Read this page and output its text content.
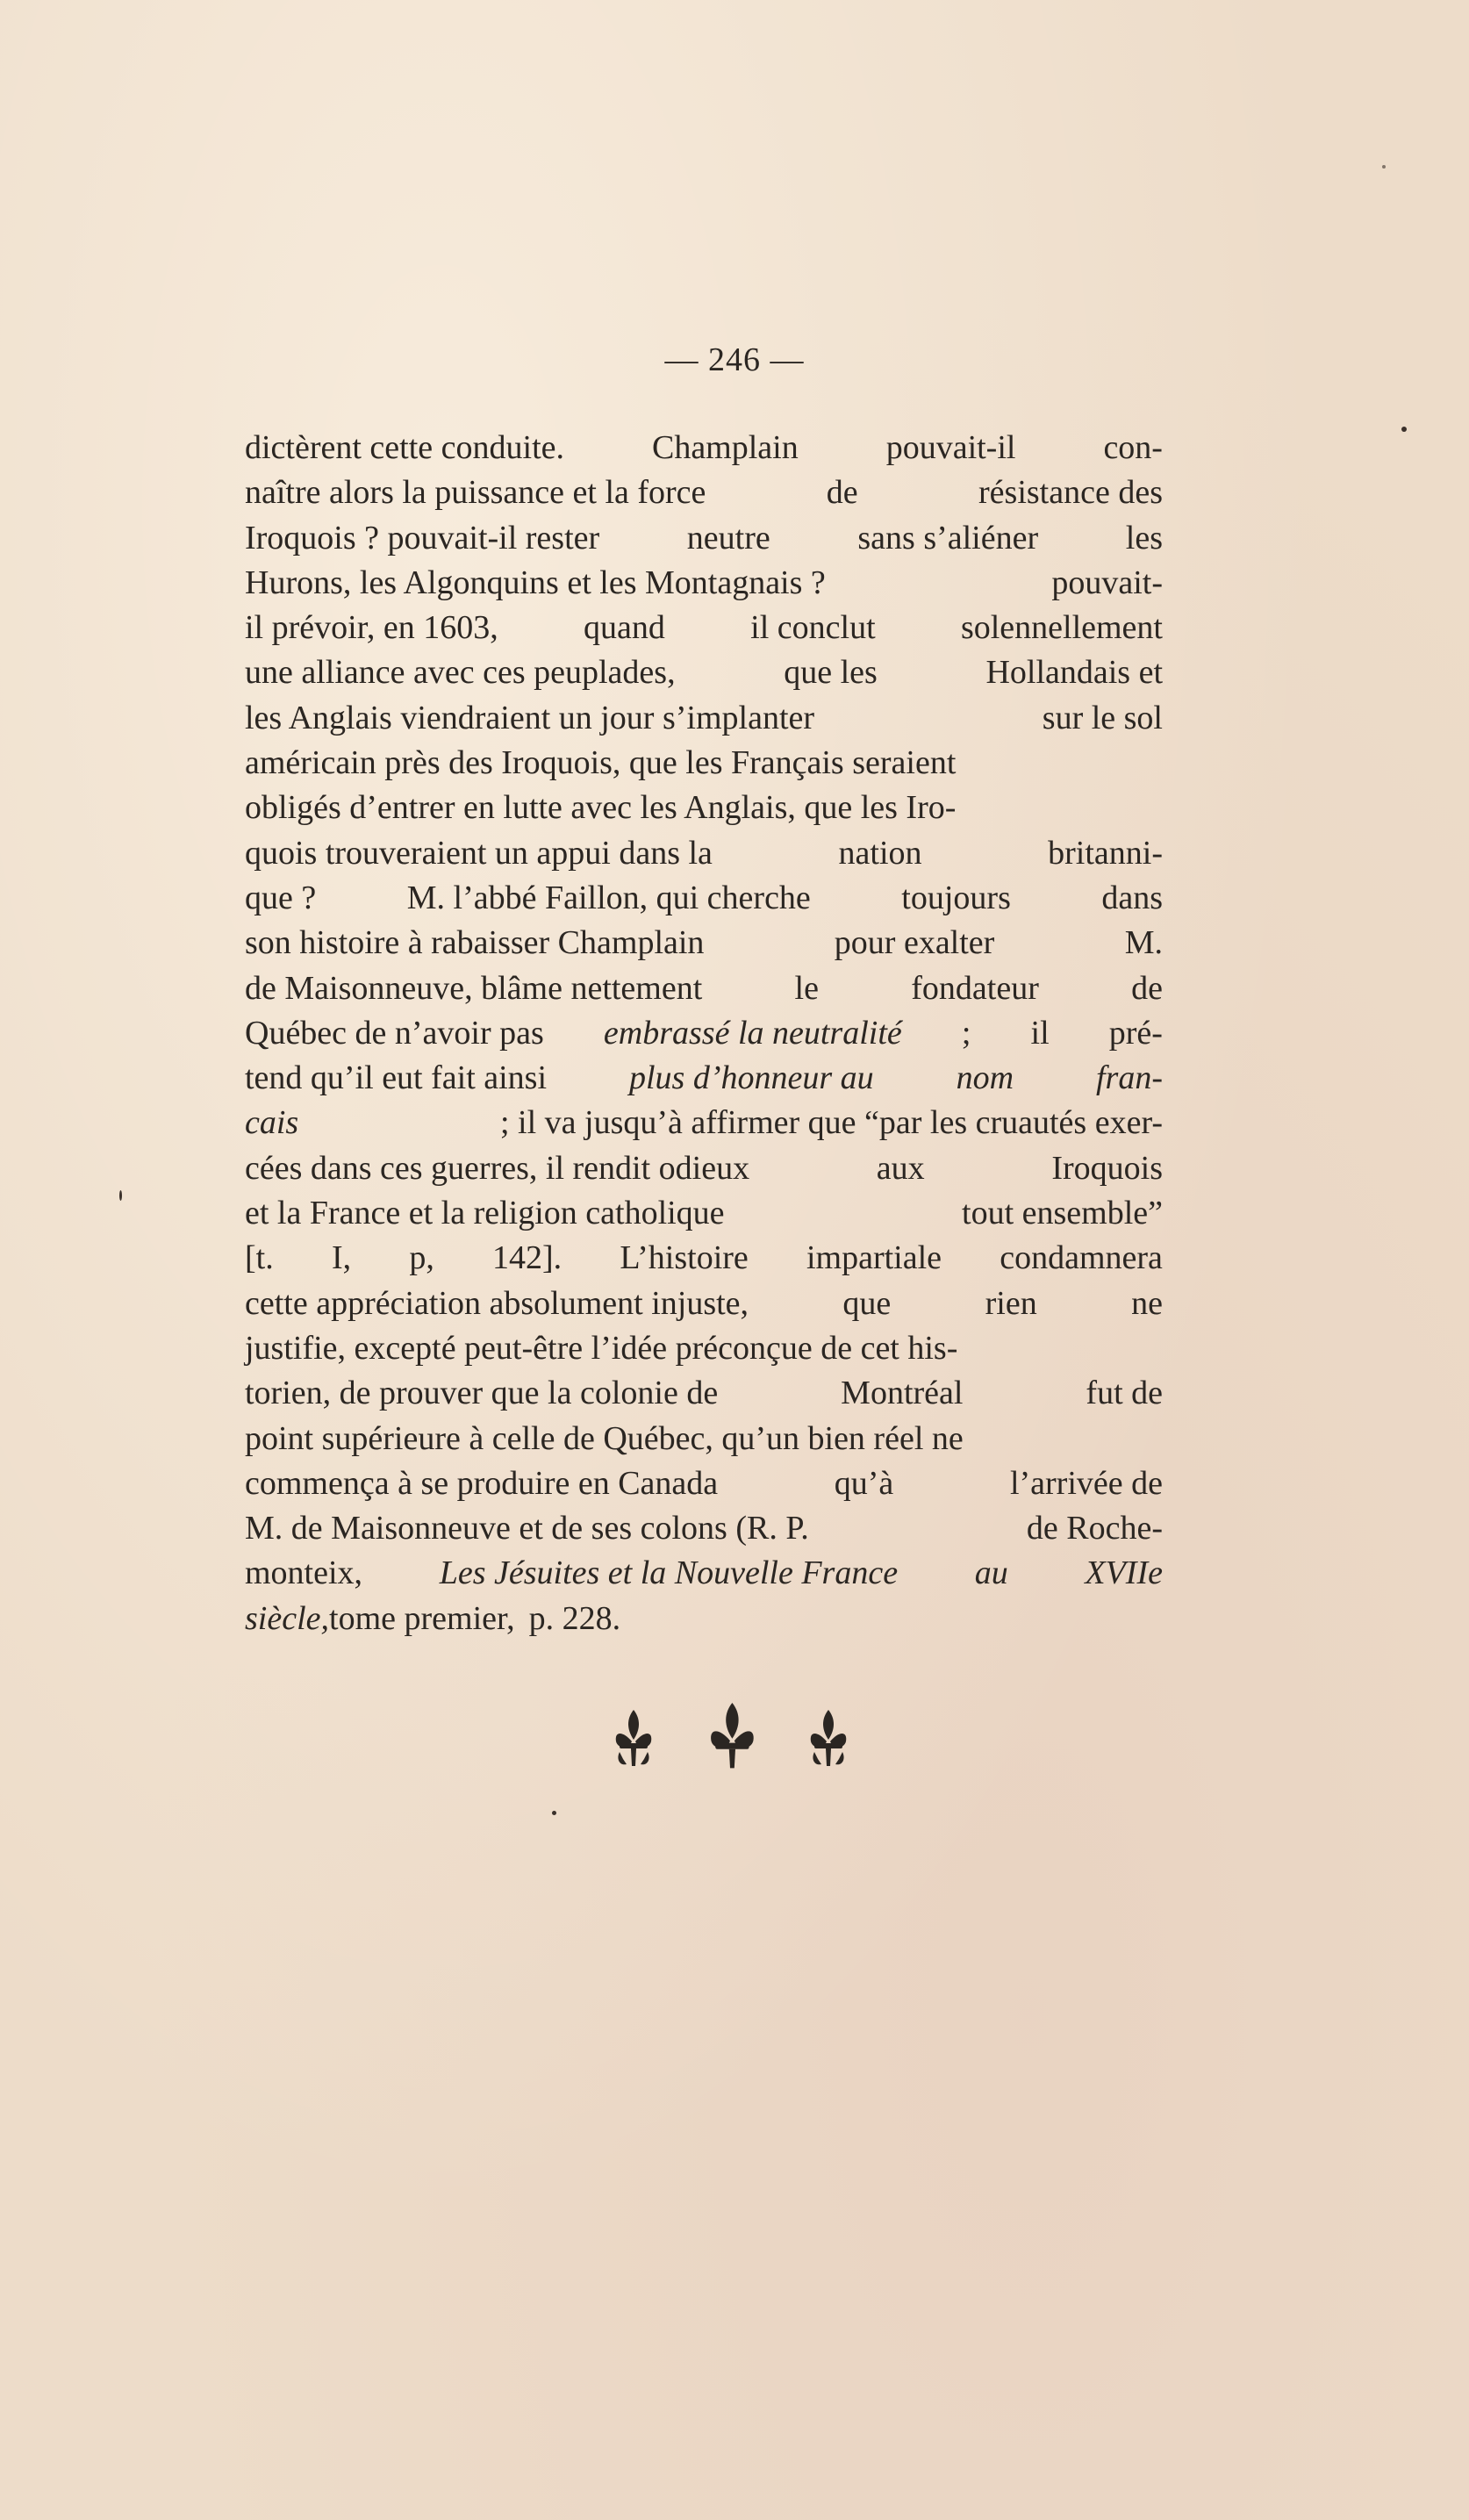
— 246 —
dictèrent cette conduite.	Champlain	pouvait-il	con-
naître alors la puissance et la force	de	résistance des
Iroquois ? pouvait-il rester	neutre	sans s’aliéner	les
Hurons, les Algonquins et les Montagnais ?	pouvait-
il prévoir, en 1603,	quand	il conclut	solennellement
une alliance avec ces peuplades,	que les	Hollandais et
les Anglais viendraient un jour s’implanter	sur le sol
américain près des Iroquois, que les Français seraient
obligés d’entrer en lutte avec les Anglais, que les Iro-
quois trouveraient un appui dans la	nation	britanni-
que ?	M. l’abbé Faillon, qui cherche	toujours	dans
son histoire à rabaisser Champlain	pour exalter	M.
de Maisonneuve, blâme nettement	le	fondateur	de
Québec de n’avoir pas embrassé la neutralité ; il pré-
tend qu’il eut fait ainsi plus d’honneur au nom fran-
cais	; il va jusqu’à affirmer que “par les cruautés exer-
cées dans ces guerres, il rendit odieux	aux	Iroquois
et la France et la religion catholique	tout ensemble”
[t. I, p, 142]. L’histoire impartiale condamnera
cette appréciation absolument injuste,	que	rien	ne
justifie, excepté peut-être l’idée préconçue de cet his-
torien, de prouver que la colonie de	Montréal	fut de
point supérieure à celle de Québec, qu’un bien réel ne
commença à se produire en Canada	qu’à	l’arrivée de
M. de Maisonneuve et de ses colons (R. P.	de Roche-
monteix, Les Jésuites et la Nouvelle France au XVIIe
siècle, tome premier, p. 228.
